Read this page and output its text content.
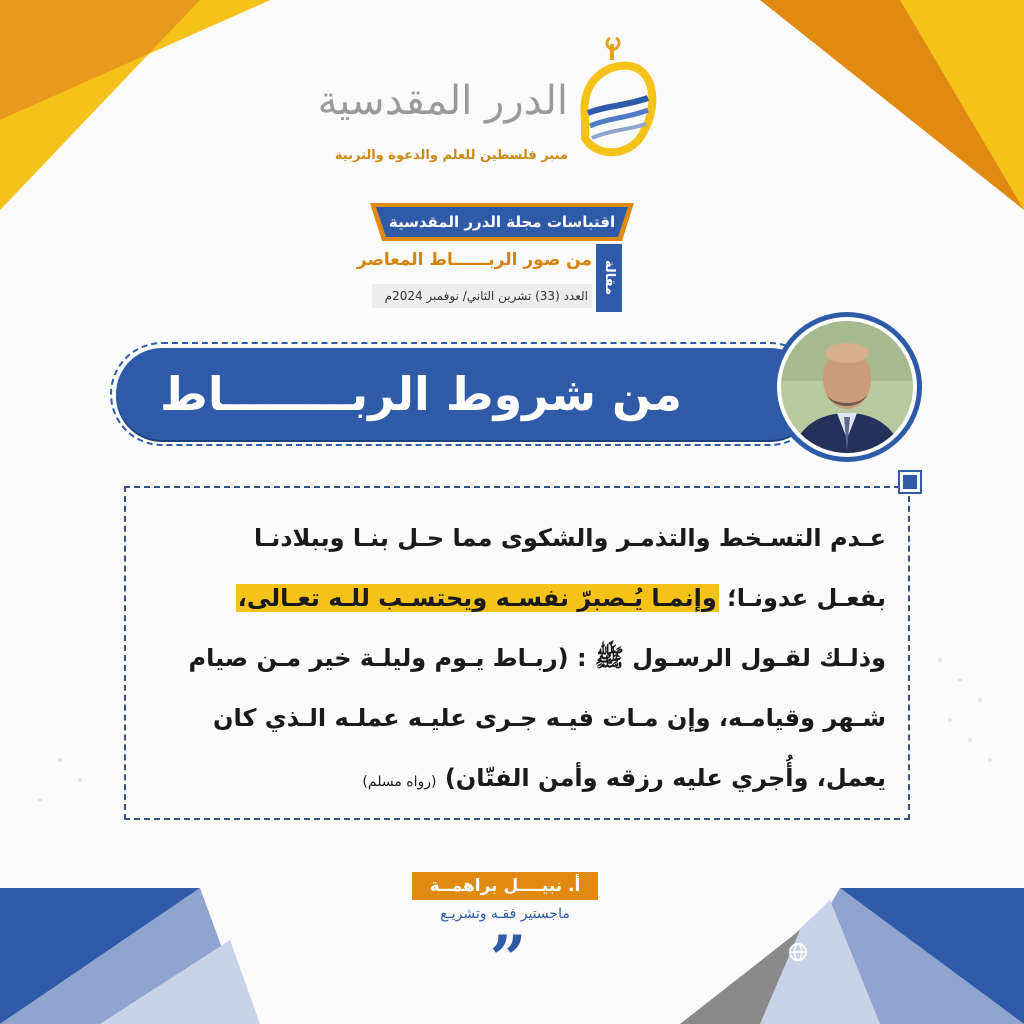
الدرر المقدسية
منبر فلسطين للعلم والدعوة والتربية
اقتباسات مجلة الدرر المقدسية
مقالة
من صور الربــــــاط المعاصر
العدد (33) تشرين الثاني/ نوفمبر 2024م
من شروط الربــــــــاط
عـدم التسـخط والتذمـر والشكوى مما حـل بنـا وببلادنـا
بفعـل عدونـا؛ وإنمـا يُـصبرّ نفسـه ويحتسـب للـه تعـالى،
وذلـك لقـول الرسـول ﷺ : (ربـاط يـوم وليلـة خير مـن صيام
شـهر وقيامـه، وإن مـات فيـه جـرى عليـه عملـه الـذي كان
يعمل، وأُجري عليه رزقه وأمن الفتّان) (رواه مسلم)
أ. نبيــــل براهمــة
ماجستير فقـه وتشريـع
”
